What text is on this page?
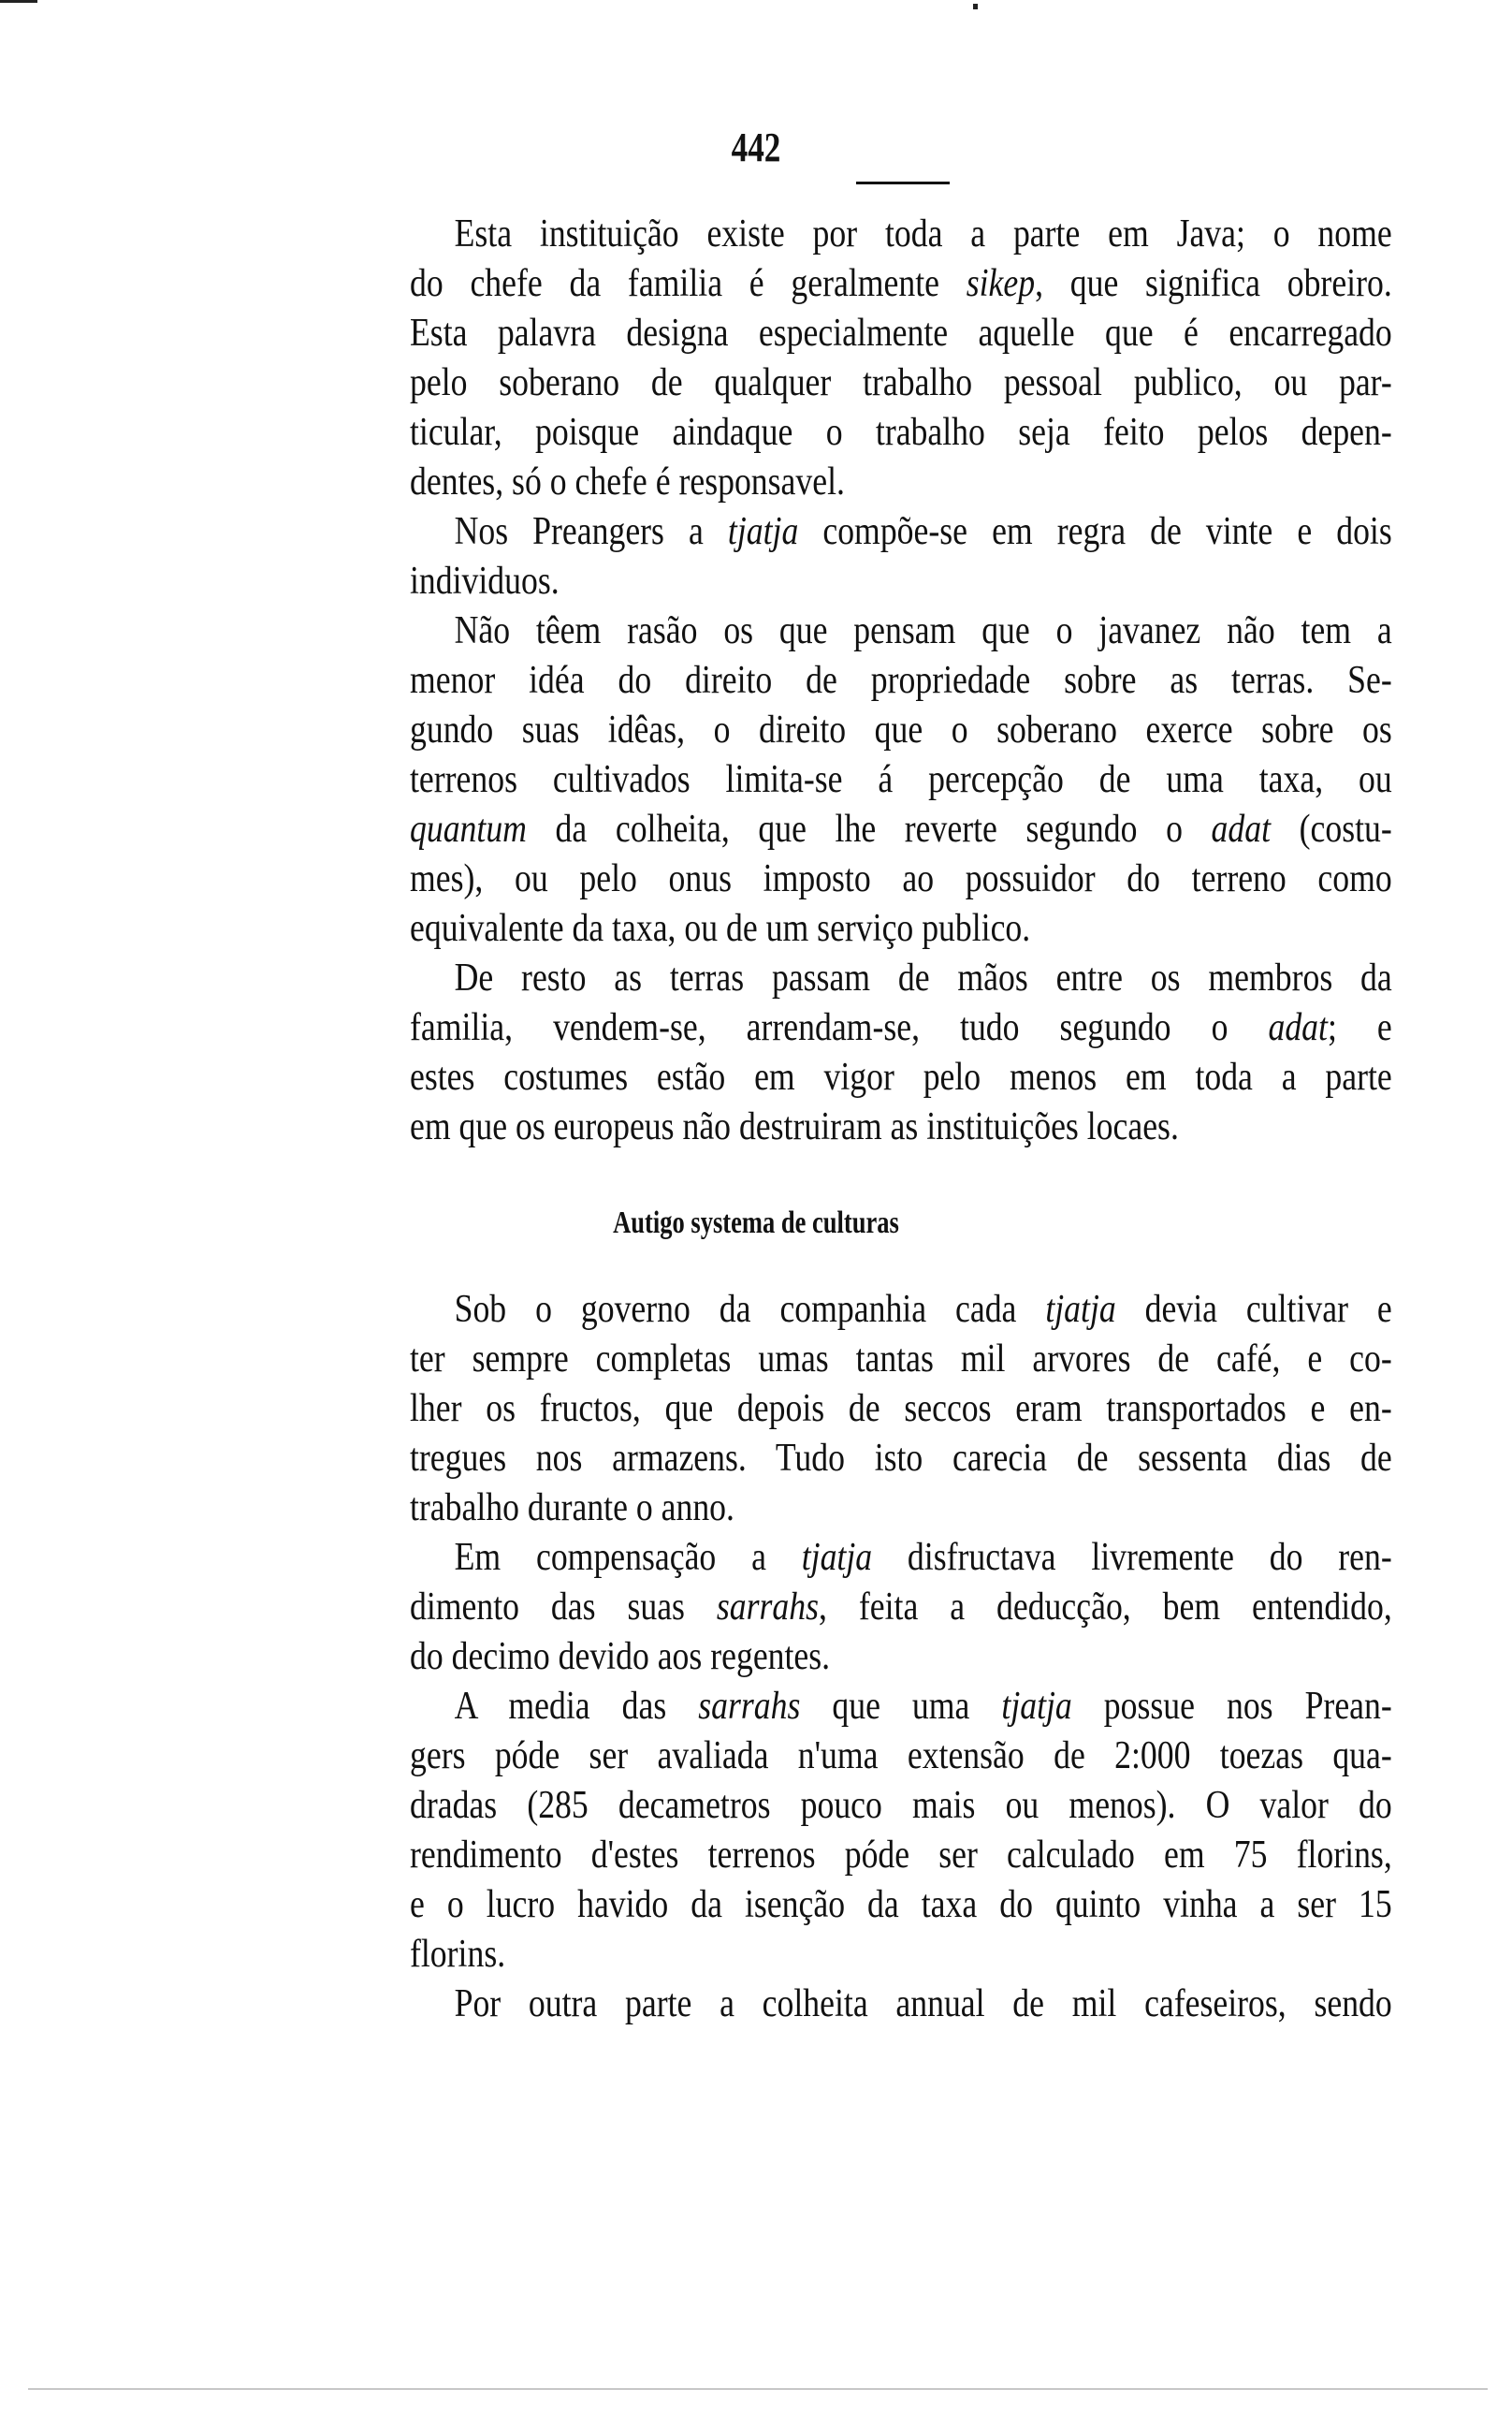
442
Esta instituição existe por toda a parte em Java; o nome
do chefe da familia é geralmente sikep, que significa obreiro.
Esta palavra designa especialmente aquelle que é encarregado
pelo soberano de qualquer trabalho pessoal publico, ou par-
ticular, poisque aindaque o trabalho seja feito pelos depen-
dentes, só o chefe é responsavel.
Nos Preangers a tjatja compõe-se em regra de vinte e dois
individuos.
Não têem rasão os que pensam que o javanez não tem a
menor idéa do direito de propriedade sobre as terras. Se-
gundo suas idêas, o direito que o soberano exerce sobre os
terrenos cultivados limita-se á percepção de uma taxa, ou
quantum da colheita, que lhe reverte segundo o adat (costu-
mes), ou pelo onus imposto ao possuidor do terreno como
equivalente da taxa, ou de um serviço publico.
De resto as terras passam de mãos entre os membros da
familia, vendem-se, arrendam-se, tudo segundo o adat; e
estes costumes estão em vigor pelo menos em toda a parte
em que os europeus não destruiram as instituições locaes.
Autigo systema de culturas
Sob o governo da companhia cada tjatja devia cultivar e
ter sempre completas umas tantas mil arvores de café, e co-
lher os fructos, que depois de seccos eram transportados e en-
tregues nos armazens. Tudo isto carecia de sessenta dias de
trabalho durante o anno.
Em compensação a tjatja disfructava livremente do ren-
dimento das suas sarrahs, feita a deducção, bem entendido,
do decimo devido aos regentes.
A media das sarrahs que uma tjatja possue nos Prean-
gers póde ser avaliada n'uma extensão de 2:000 toezas qua-
dradas (285 decametros pouco mais ou menos). O valor do
rendimento d'estes terrenos póde ser calculado em 75 florins,
e o lucro havido da isenção da taxa do quinto vinha a ser 15
florins.
Por outra parte a colheita annual de mil cafeseiros, sendo
